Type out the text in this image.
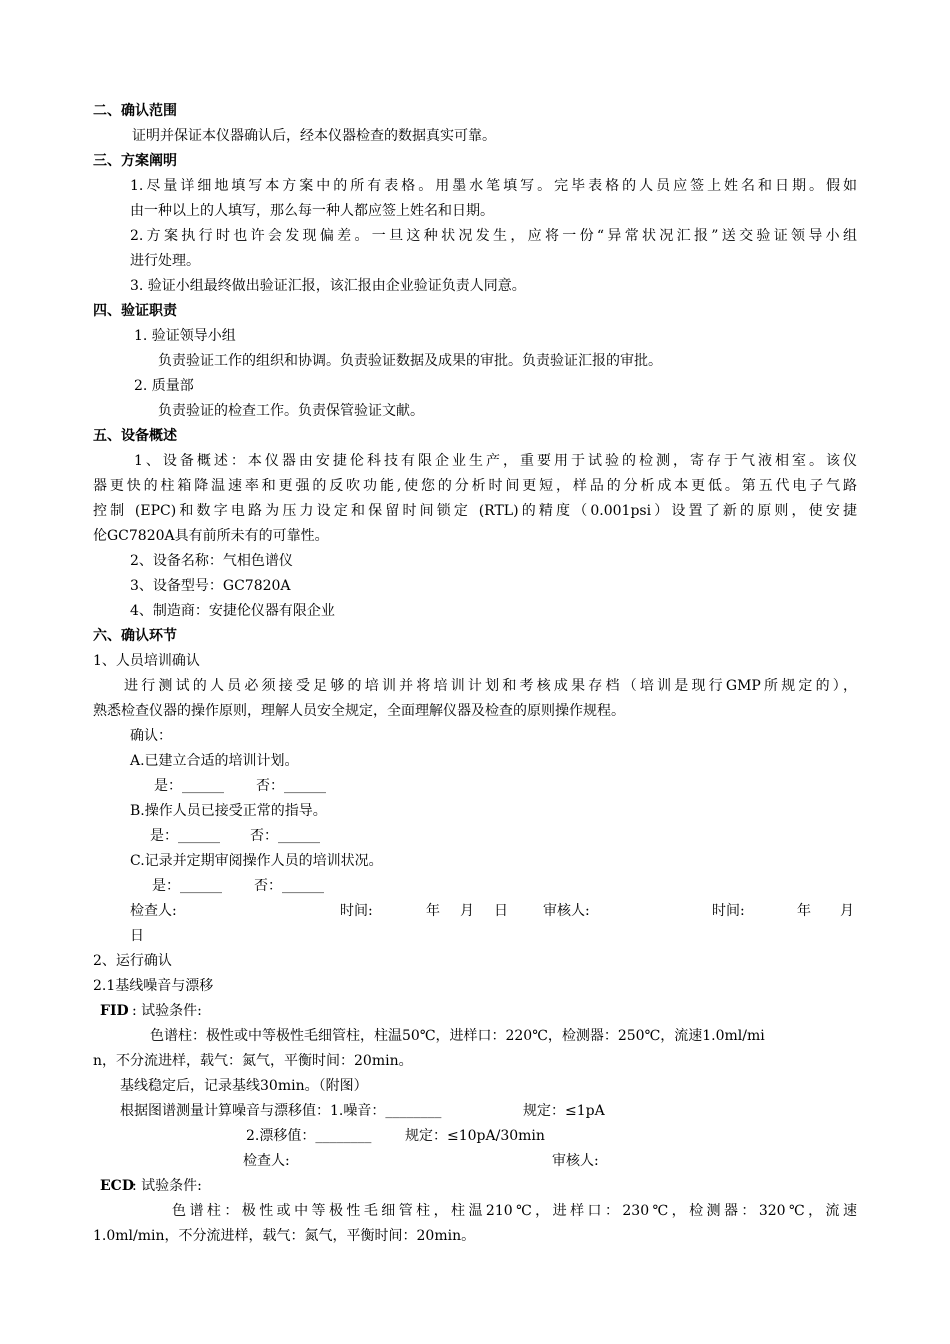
二、确认范围
证明并保证本仪器确认后，经本仪器检查的数据真实可靠。
三、方案阐明
1.尽量详细地填写本方案中的所有表格。用墨水笔填写。完毕表格的人员应签上姓名和日期。假如
由一种以上的人填写，那么每一种人都应签上姓名和日期。
2.方案执行时也许会发现偏差。一旦这种状况发生，应将一份“异常状况汇报”送交验证领导小组
进行处理。
3. 验证小组最终做出验证汇报，该汇报由企业验证负责人同意。
四、验证职责
1. 验证领导小组
负责验证工作的组织和协调。负责验证数据及成果的审批。负责验证汇报的审批。
2. 质量部
负责验证的检查工作。负责保管验证文献。
五、设备概述
1、设备概述：本仪器由安捷伦科技有限企业生产，重要用于试验的检测，寄存于气液相室。该仪
器更快的柱箱降温速率和更强的反吹功能,使您的分析时间更短，样品的分析成本更低。第五代电子气路
控制 (EPC)和数字电路为压力设定和保留时间锁定 (RTL)的精度（0.001psi）设置了新的原则，使安捷
伦GC7820A具有前所未有的可靠性。
2、设备名称：气相色谱仪
3、设备型号：GC7820A
4、制造商：安捷伦仪器有限企业
六、确认环节
1、人员培训确认
进行测试的人员必须接受足够的培训并将培训计划和考核成果存档（培训是现行GMP所规定的），
熟悉检查仪器的操作原则，理解人员安全规定，全面理解仪器及检查的原则操作规程。
确认：
A.已建立合适的培训计划。
是：______ 否：______
B.操作人员已接受正常的指导。
是：______ 否：______
C.记录并定期审阅操作人员的培训状况。
是：______ 否：______
检查人:	时间:	年 月 日	审核人:	时间:	年 月
日
2、运行确认
2.1基线噪音与漂移
FID : 试验条件:
色谱柱：极性或中等极性毛细管柱，柱温50℃，进样口：220℃，检测器：250℃，流速1.0ml/mi
n，不分流进样，载气：氮气，平衡时间：20min。
基线稳定后，记录基线30min。（附图）
根据图谱测量计算噪音与漂移值：1.噪音：________	规定：≤1pA
2.漂移值：________ 规定：≤10pA/30min
检查人:	审核人:
ECD
: 试验条件:
色谱柱：极性或中等极性毛细管柱，柱温210℃，进样口：230℃，检测器：320℃，流速
1.0ml/min，不分流进样，载气：氮气，平衡时间：20min。
